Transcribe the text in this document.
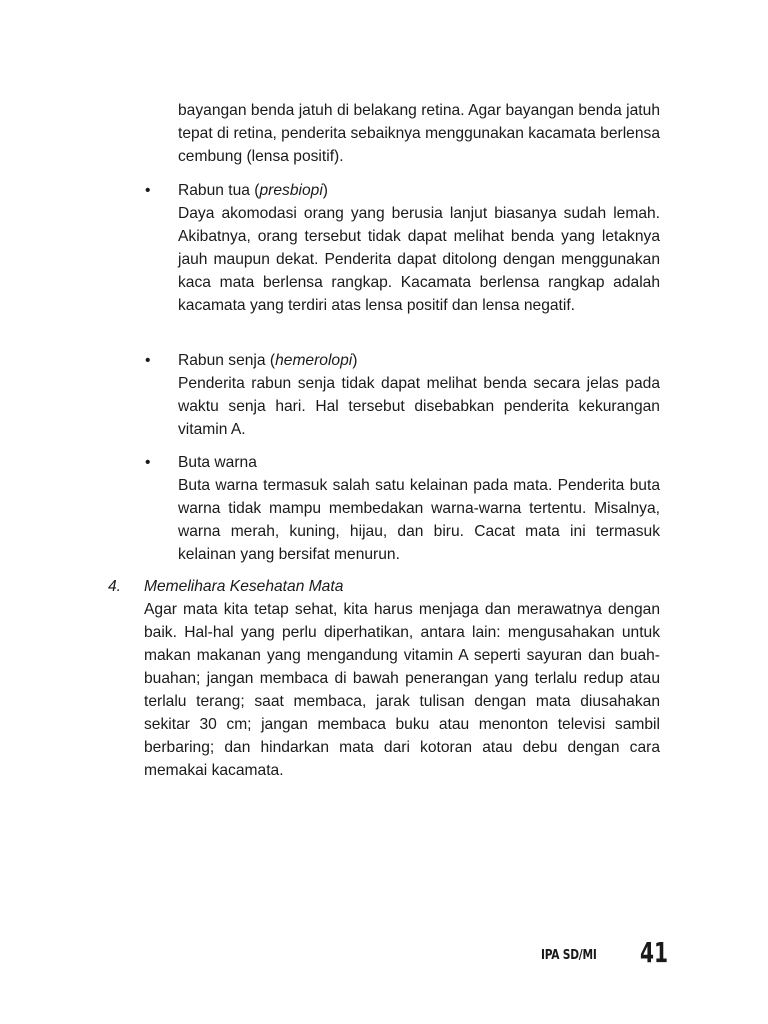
bayangan benda jatuh di belakang retina. Agar bayangan benda jatuh tepat di retina, penderita sebaiknya menggunakan kacamata berlensa cembung (lensa positif).

•	Rabun tua (presbiopi)
Daya akomodasi orang yang berusia lanjut biasanya sudah lemah. Akibatnya, orang tersebut tidak dapat melihat benda yang letaknya jauh maupun dekat. Penderita dapat ditolong dengan menggunakan kaca mata berlensa rangkap. Kacamata berlensa rangkap adalah kacamata yang terdiri atas lensa positif dan lensa negatif.
•	Rabun senja (hemerolopi)
Penderita rabun senja tidak dapat melihat benda secara jelas pada waktu senja hari. Hal tersebut disebabkan penderita kekurangan vitamin A.
•	Buta warna
Buta warna termasuk salah satu kelainan pada mata. Penderita buta warna tidak mampu membedakan warna-warna tertentu. Misalnya, warna merah, kuning, hijau, dan biru. Cacat mata ini termasuk kelainan yang bersifat menurun.
4. Memelihara Kesehatan Mata
Agar mata kita tetap sehat, kita harus menjaga dan merawatnya dengan baik. Hal-hal yang perlu diperhatikan, antara lain: mengusahakan untuk makan makanan yang mengandung vitamin A seperti sayuran dan buah-buahan; jangan membaca di bawah penerangan yang terlalu redup atau terlalu terang; saat membaca, jarak tulisan dengan mata diusahakan sekitar 30 cm; jangan membaca buku atau menonton televisi sambil berbaring; dan hindarkan mata dari kotoran atau debu dengan cara memakai kacamata.
IPA SD/MI 41
